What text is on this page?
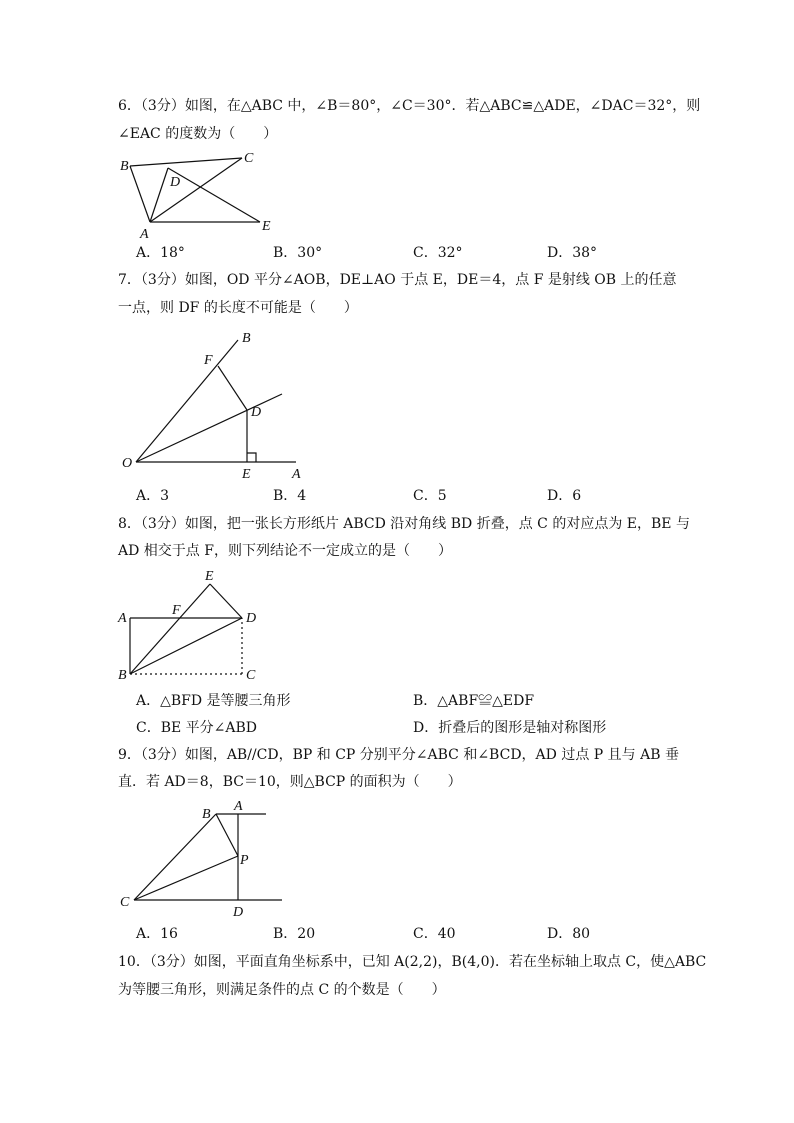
6．（3分）如图，在△ABC 中，∠B＝80°，∠C＝30°．若△ABC≌△ADE，∠DAC＝32°，则
∠EAC 的度数为（　　）
B
C
D
A
E
A．18°	B．30°	C．32°	D．38°
7．（3分）如图，OD 平分∠AOB，DE⊥AO 于点 E，DE＝4，点 F 是射线 OB 上的任意
一点，则 DF 的长度不可能是（　　）
B
F
D
O
E	A
A．3	B．4	C．5	D．6
8．（3分）如图，把一张长方形纸片 ABCD 沿对角线 BD 折叠，点 C 的对应点为 E，BE 与
AD 相交于点 F，则下列结论不一定成立的是（　　）
E
A
F
D
B	C
A．△BFD 是等腰三角形	B．△ABF≌△EDF
C．BE 平分∠ABD	D．折叠后的图形是轴对称图形
9．（3分）如图，AB//CD，BP 和 CP 分别平分∠ABC 和∠BCD，AD 过点 P 且与 AB 垂
直．若 AD＝8，BC＝10，则△BCP 的面积为（　　）
B
A
P
C
D
A．16	B．20	C．40	D．80
10．（3分）如图，平面直角坐标系中，已知 A(2,2)，B(4,0)．若在坐标轴上取点 C，使△ABC
为等腰三角形，则满足条件的点 C 的个数是（　　）
